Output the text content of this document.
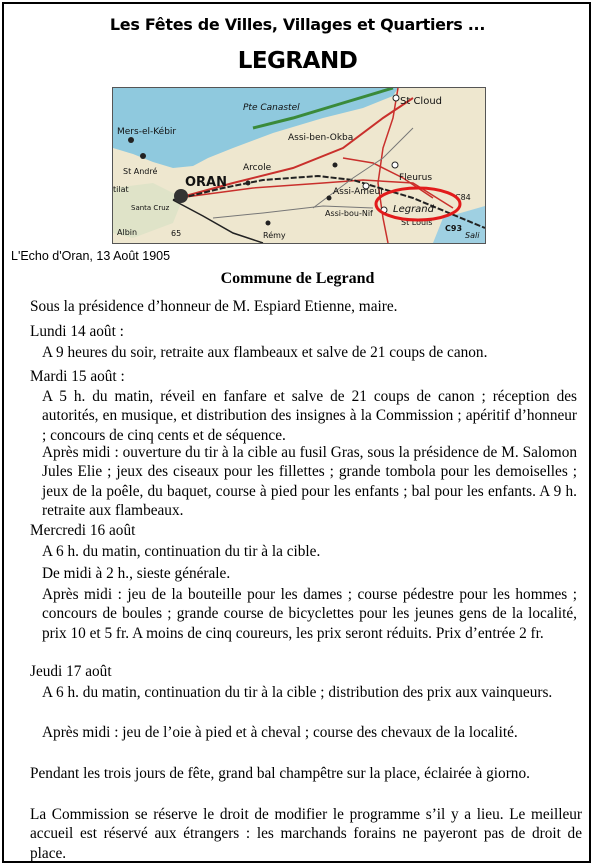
Les Fêtes de Villes, Villages et Quartiers ...
LEGRAND
St Cloud
Pte Canastel
Mers-el-Kébir
St André
ORAN
Arcole
Assi-ben-Okba
Fleurus
Assi-Ameur
Assi-bou-Nif Legrand
St Louis
tilat
Santa Cruz
Albin	Rémy
C93
C84
65	Sali
L'Echo d'Oran, 13 Août 1905
Commune de Legrand

Sous la présidence d’honneur de M. Espiard Etienne, maire.

Lundi 14 août :

A 9 heures du soir, retraite aux flambeaux et salve de 21 coups de canon.

Mardi 15 août :

A 5 h. du matin, réveil en fanfare et salve de 21 coups de canon ; réception des autorités, en musique, et distribution des insignes à la Commission ; apéritif d’honneur ; concours de cinq cents et de séquence.

Après midi : ouverture du tir à la cible au fusil Gras, sous la présidence de M. Salomon Jules Elie ; jeux des ciseaux pour les fillettes ; grande tombola pour les demoiselles ; jeux de la poêle, du baquet, course à pied pour les enfants ; bal pour les enfants. A 9 h. retraite aux flambeaux.

Mercredi 16 août

A 6 h. du matin, continuation du tir à la cible.

De midi à 2 h., sieste générale.

Après midi : jeu de la bouteille pour les dames ; course pédestre pour les hommes ; concours de boules ; grande course de bicyclettes pour les jeunes gens de la localité, prix 10 et 5 fr. A moins de cinq coureurs, les prix seront réduits. Prix d’entrée 2 fr.

Jeudi 17 août

A 6 h. du matin, continuation du tir à la cible ; distribution des prix aux vainqueurs.

Après midi : jeu de l’oie à pied et à cheval ; course des chevaux de la localité.

Pendant les trois jours de fête, grand bal champêtre sur la place, éclairée à giorno.

La Commission se réserve le droit de modifier le programme s’il y a lieu. Le meilleur accueil est réservé aux étrangers : les marchands forains ne payeront pas de droit de place.
